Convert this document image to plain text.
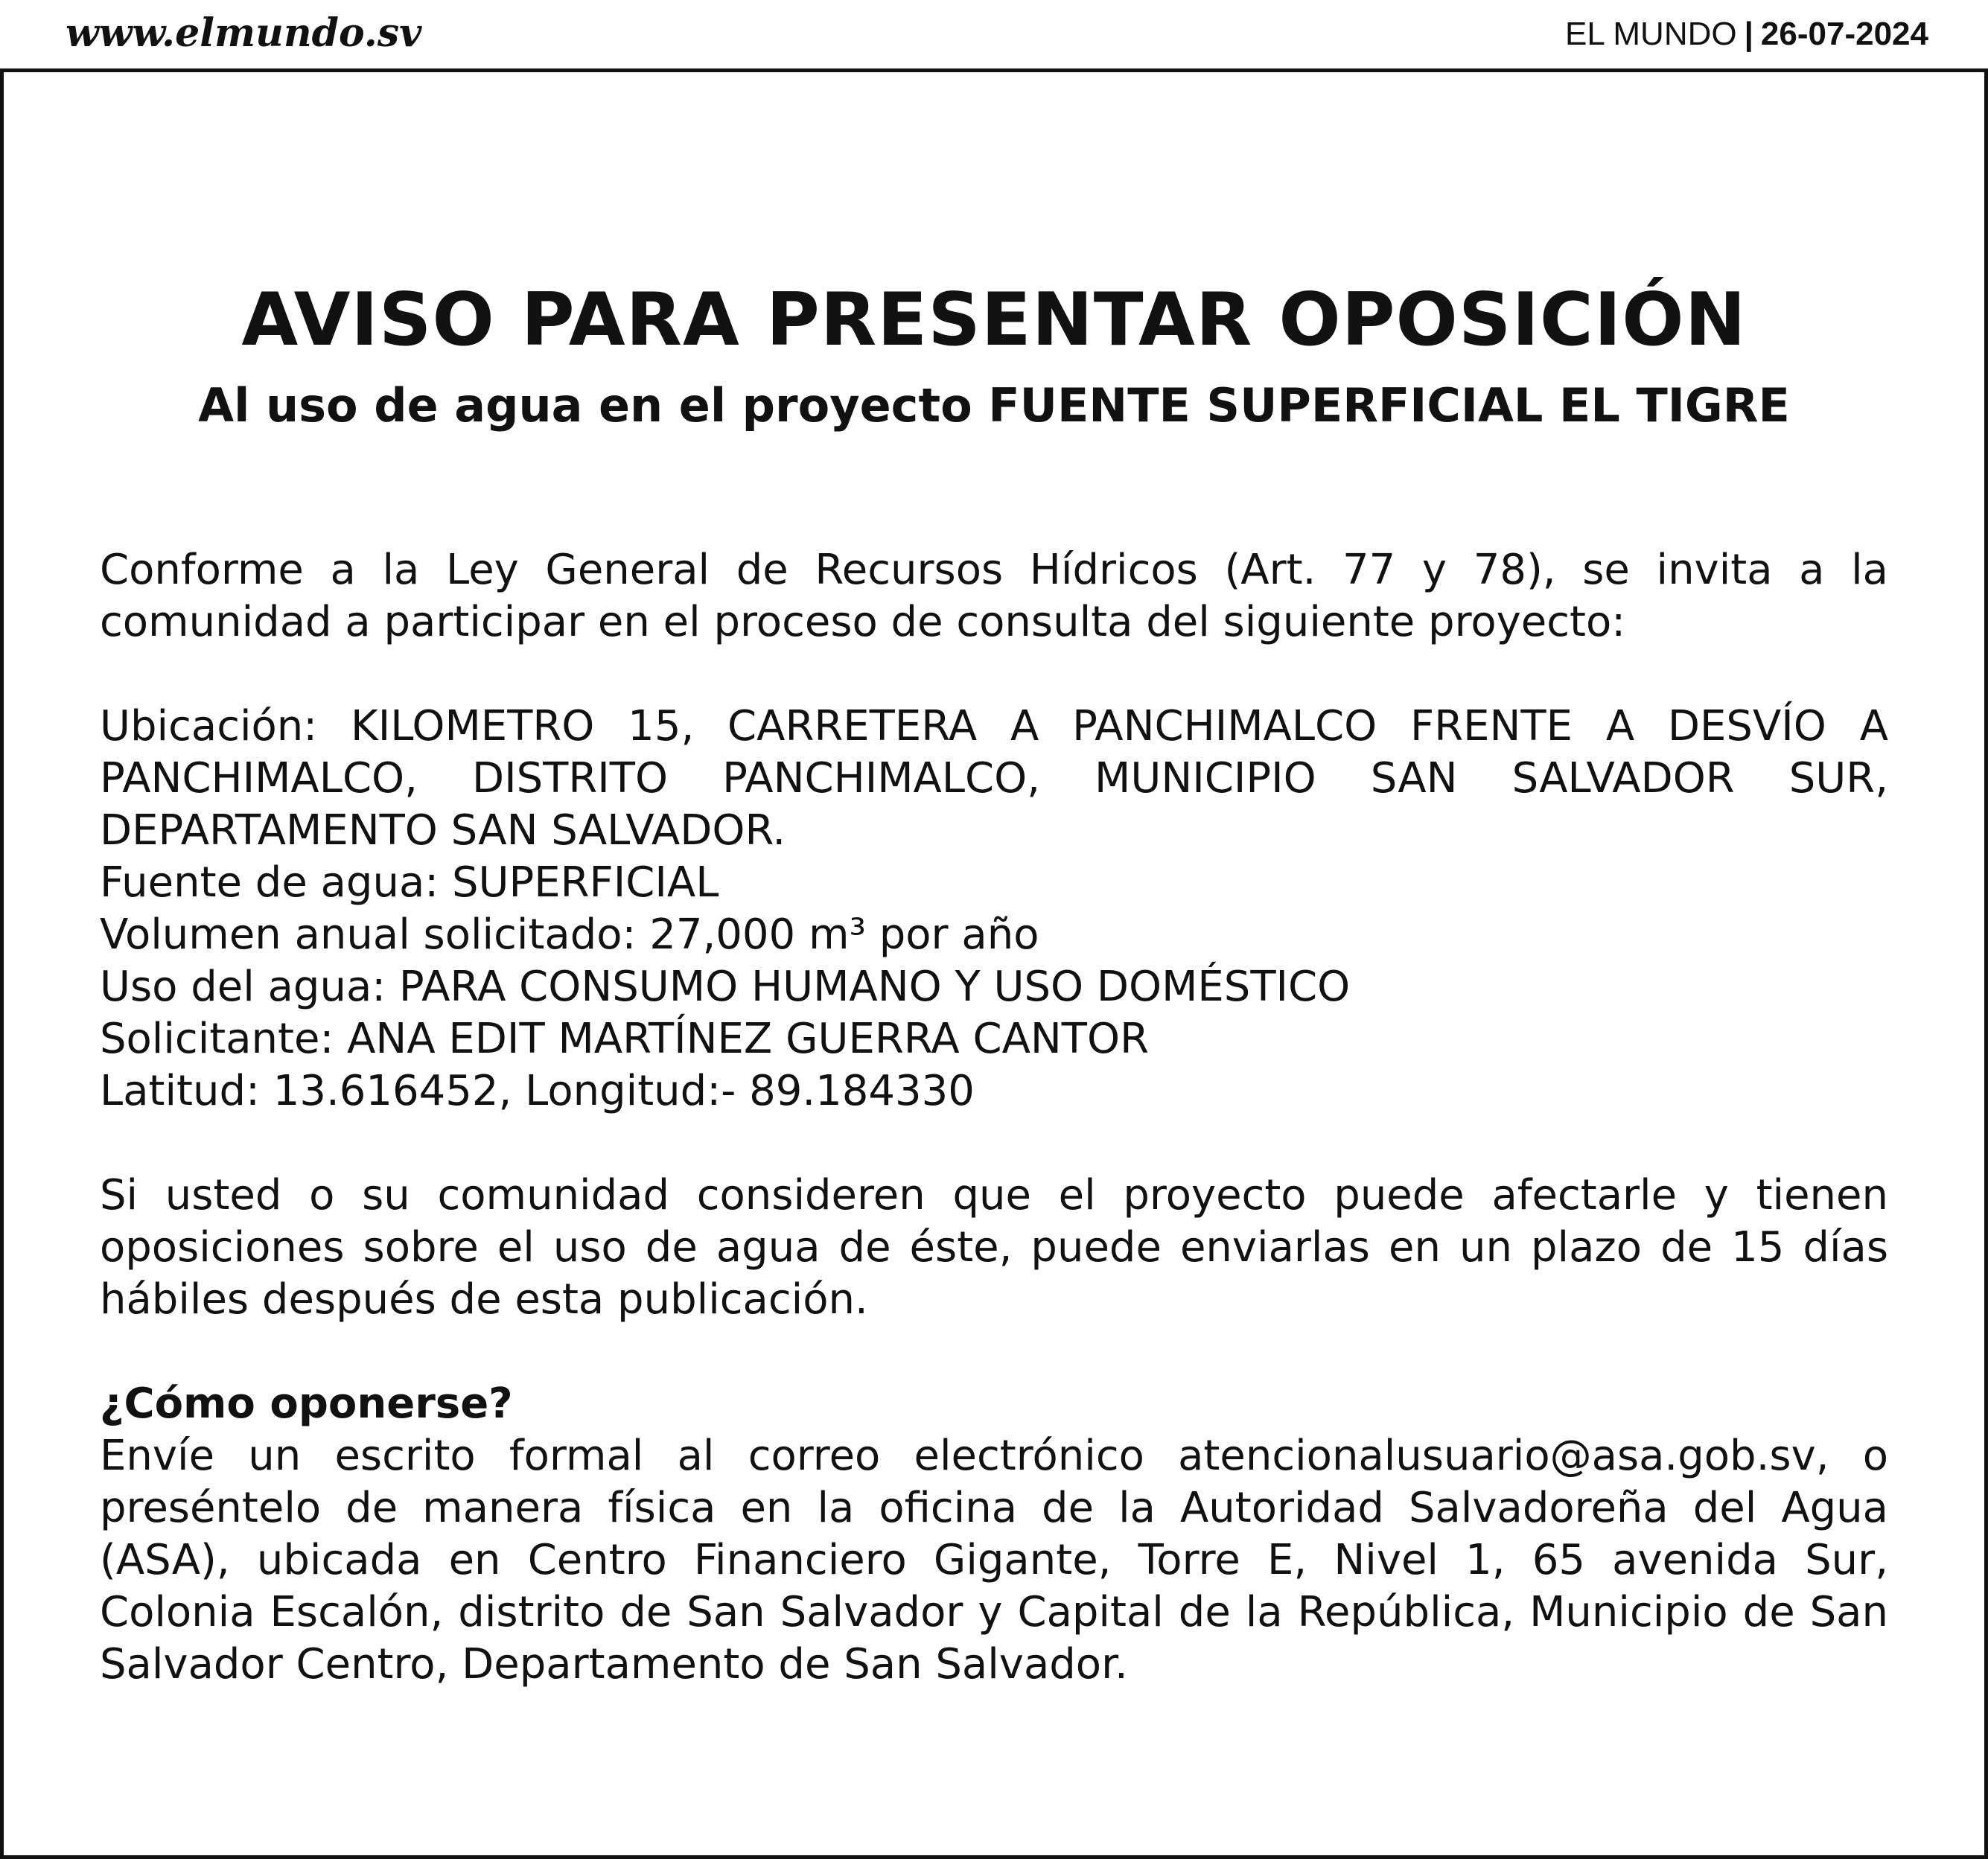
www.elmundo.sv	EL MUNDO | 26-07-2024
AVISO PARA PRESENTAR OPOSICIÓN
Al uso de agua en el proyecto FUENTE SUPERFICIAL EL TIGRE

Conforme a la Ley General de Recursos Hídricos (Art. 77 y 78), se invita a la comunidad a participar en el proceso de consulta del siguiente proyecto:

Ubicación: KILOMETRO 15, CARRETERA A PANCHIMALCO FRENTE A DESVÍO A PANCHIMALCO, DISTRITO PANCHIMALCO, MUNICIPIO SAN SALVADOR SUR, DEPARTAMENTO SAN SALVADOR.

Fuente de agua: SUPERFICIAL
Volumen anual solicitado: 27,000 m³ por año
Uso del agua: PARA CONSUMO HUMANO Y USO DOMÉSTICO
Solicitante: ANA EDIT MARTÍNEZ GUERRA CANTOR
Latitud: 13.616452, Longitud:- 89.184330

Si usted o su comunidad consideren que el proyecto puede afectarle y tienen oposiciones sobre el uso de agua de éste, puede enviarlas en un plazo de 15 días hábiles después de esta publicación.

¿Cómo oponerse?

Envíe un escrito formal al correo electrónico atencionalusuario@asa.gob.sv, o preséntelo de manera física en la oficina de la Autoridad Salvadoreña del Agua (ASA), ubicada en Centro Financiero Gigante, Torre E, Nivel 1, 65 avenida Sur, Colonia Escalón, distrito de San Salvador y Capital de la República, Municipio de San Salvador Centro, Departamento de San Salvador.
